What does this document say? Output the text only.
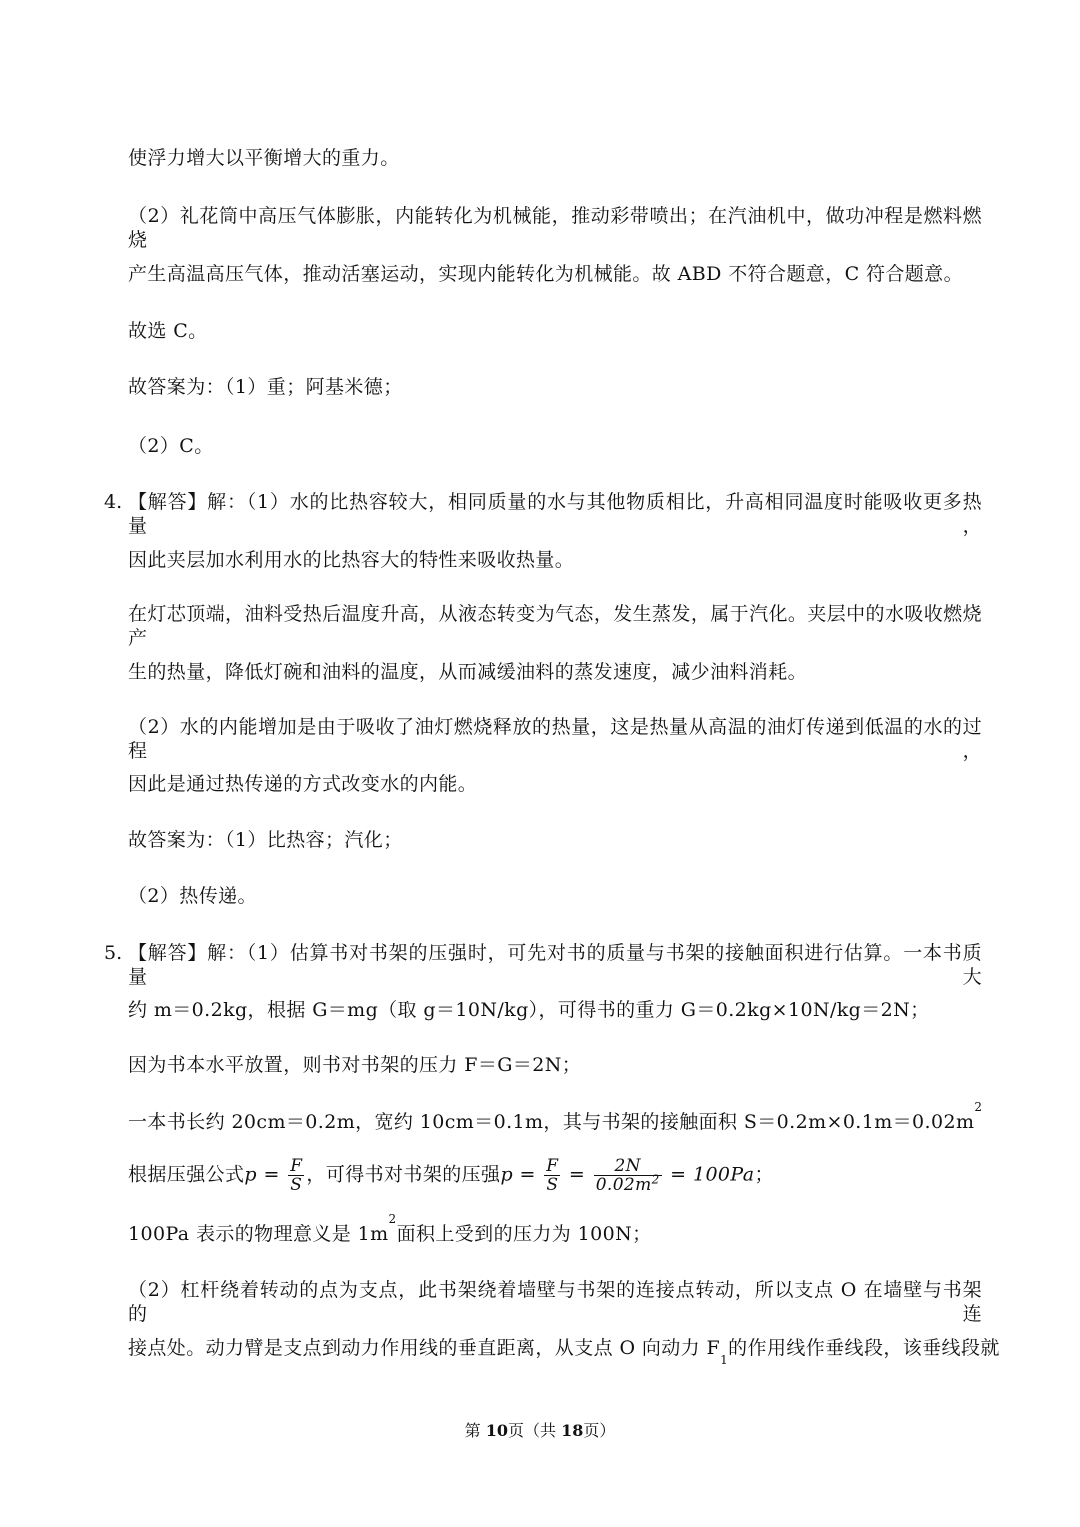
使浮力增大以平衡增大的重力。
（2）礼花筒中高压气体膨胀，内能转化为机械能，推动彩带喷出；在汽油机中，做功冲程是燃料燃烧
产生高温高压气体，推动活塞运动，实现内能转化为机械能。故 ABD 不符合题意，C 符合题意。
故选 C。
故答案为：（1）重；阿基米德；
（2）C。
4. 【解答】解：（1）水的比热容较大，相同质量的水与其他物质相比，升高相同温度时能吸收更多热量，
因此夹层加水利用水的比热容大的特性来吸收热量。
在灯芯顶端，油料受热后温度升高，从液态转变为气态，发生蒸发，属于汽化。夹层中的水吸收燃烧产
生的热量，降低灯碗和油料的温度，从而减缓油料的蒸发速度，减少油料消耗。
（2）水的内能增加是由于吸收了油灯燃烧释放的热量，这是热量从高温的油灯传递到低温的水的过程，
因此是通过热传递的方式改变水的内能。
故答案为：（1）比热容；汽化；
（2）热传递。
5. 【解答】解：（1）估算书对书架的压强时，可先对书的质量与书架的接触面积进行估算。一本书质量大
约 m＝0.2kg，根据 G＝mg（取 g＝10N/kg），可得书的重力 G＝0.2kg×10N/kg＝2N；
因为书本水平放置，则书对书架的压力 F＝G＝2N；
一本书长约 20cm＝0.2m，宽约 10cm＝0.1m，其与书架的接触面积 $S=0.2m\times 0.1m=0.02m^2$
根据压强公式$p = \frac{F}{S}$ ，可得书对书架的压强$p = \frac{F}{S} = \frac{2N}{0.02m^2} = 100Pa$；
100Pa 表示的物理意义是 $1m^2$面积上受到的压力为 100N；
（2）杠杆绕着转动的点为支点，此书架绕着墙壁与书架的连接点转动，所以支点 O 在墙壁与书架的连
接点处。动力臂是支点到动力作用线的垂直距离，从支点 O 向动力 $F_1$的作用线作垂线段，该垂线段就
第 10页（共 18页）
